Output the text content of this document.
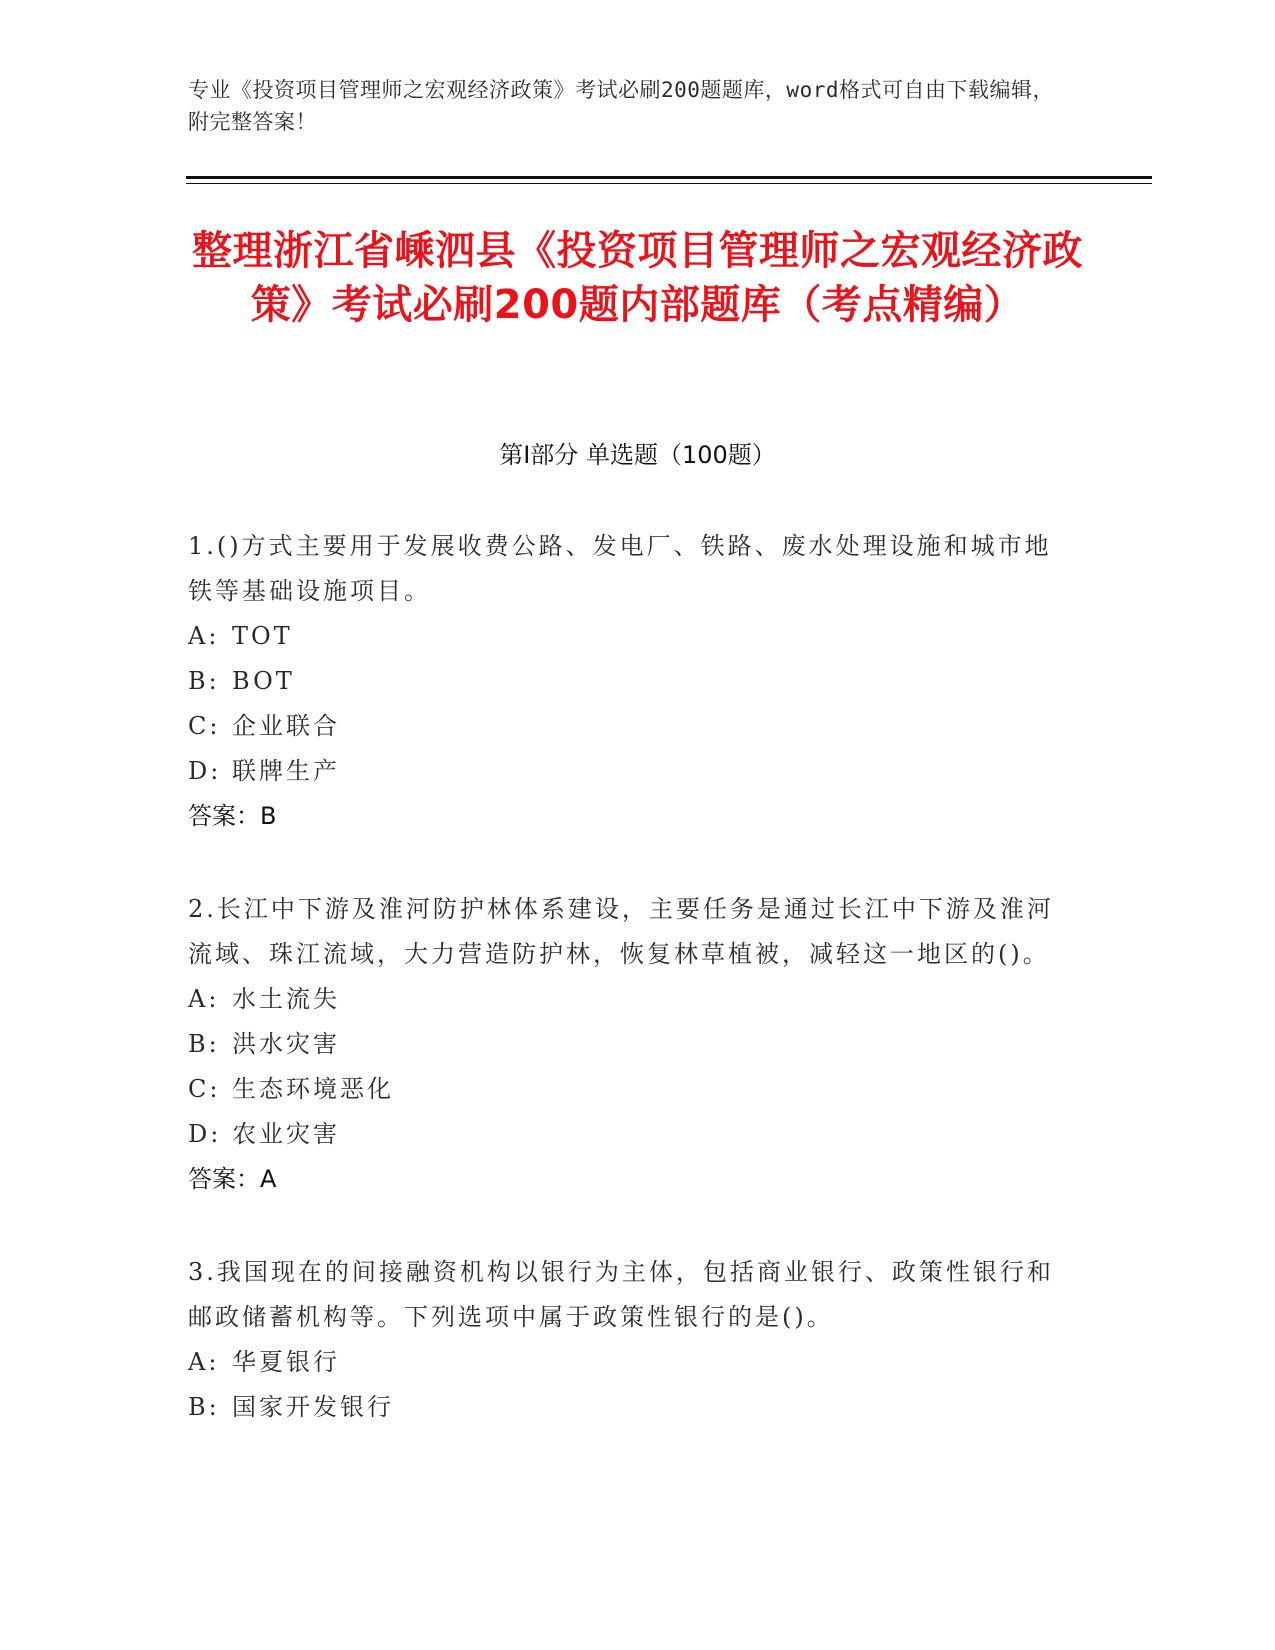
专业《投资项目管理师之宏观经济政策》考试必刷200题题库，word格式可自由下载编辑，附完整答案！
整理浙江省嵊泗县《投资项目管理师之宏观经济政策》考试必刷200题内部题库（考点精编）
第Ⅰ部分 单选题（100题）
1.()方式主要用于发展收费公路、发电厂、铁路、废水处理设施和城市地铁等基础设施项目。
A: TOT
B: BOT
C: 企业联合
D: 联牌生产
答案：B
2.长江中下游及淮河防护林体系建设，主要任务是通过长江中下游及淮河流域、珠江流域，大力营造防护林，恢复林草植被，减轻这一地区的()。
A: 水土流失
B: 洪水灾害
C: 生态环境恶化
D: 农业灾害
答案：A
3.我国现在的间接融资机构以银行为主体，包括商业银行、政策性银行和邮政储蓄机构等。下列选项中属于政策性银行的是()。
A: 华夏银行
B: 国家开发银行
